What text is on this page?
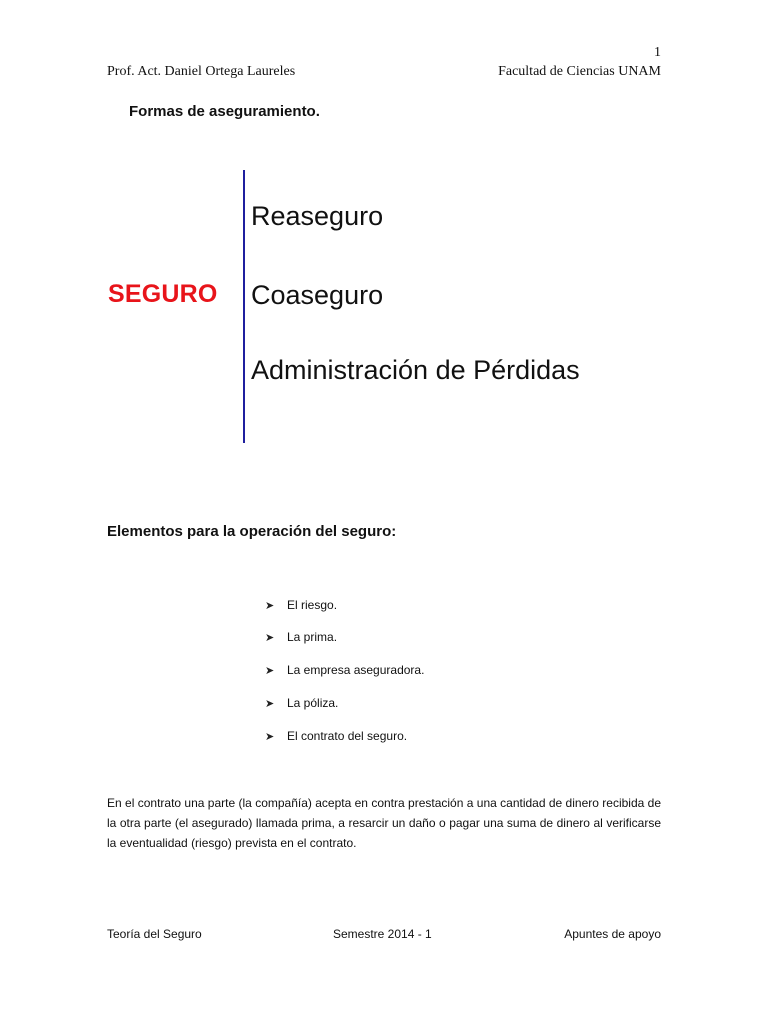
1
Prof. Act. Daniel Ortega Laureles	Facultad de Ciencias UNAM
Formas de aseguramiento.
SEGURO
Reaseguro
Coaseguro
Administración de Pérdidas
Elementos para la operación del seguro:
➤	El riesgo.
➤	La prima.
➤	La empresa aseguradora.
➤	La póliza.
➤	El contrato del seguro.
En el contrato una parte (la compañía) acepta en contra prestación a una cantidad de dinero recibida de la otra parte (el asegurado) llamada prima, a resarcir un daño o pagar una suma de dinero al verificarse la eventualidad (riesgo) prevista en el contrato.
Teoría del Seguro	Semestre 2014 - 1	Apuntes de apoyo
